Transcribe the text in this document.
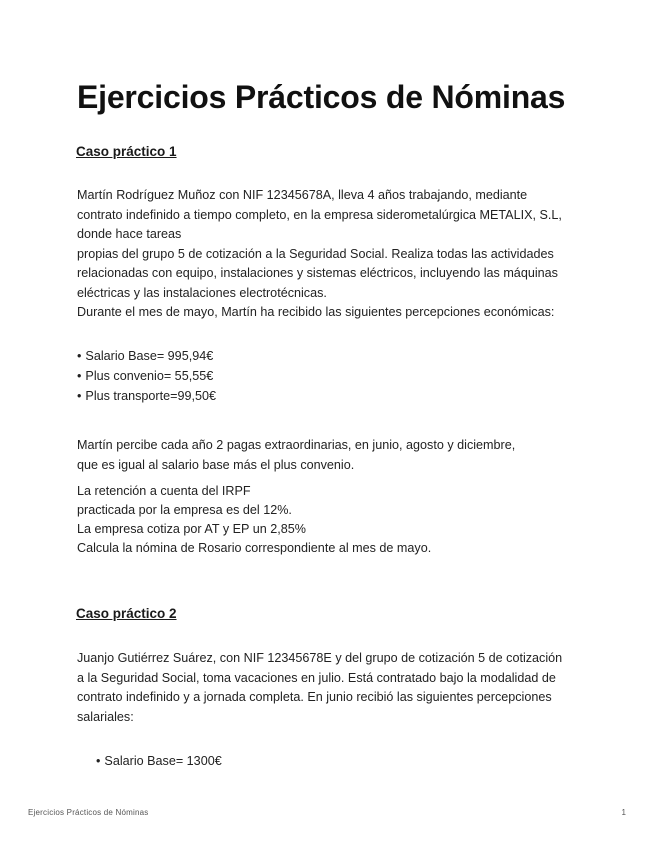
Ejercicios Prácticos de Nóminas
Caso práctico 1

Martín Rodríguez Muñoz con NIF 12345678A, lleva 4 años trabajando, mediante
contrato indefinido a tiempo completo, en la empresa siderometalúrgica METALIX, S.L,
donde hace tareas
propias del grupo 5 de cotización a la Seguridad Social. Realiza todas las actividades
relacionadas con equipo, instalaciones y sistemas eléctricos, incluyendo las máquinas
eléctricas y las instalaciones electrotécnicas.
Durante el mes de mayo, Martín ha recibido las siguientes percepciones económicas:

• Salario Base= 995,94€
• Plus convenio= 55,55€
• Plus transporte=99,50€

Martín percibe cada año 2 pagas extraordinarias, en junio, agosto y diciembre,
que es igual al salario base más el plus convenio.

La retención a cuenta del IRPF
practicada por la empresa es del 12%.
La empresa cotiza por AT y EP un 2,85%
Calcula la nómina de Rosario correspondiente al mes de mayo.

Caso práctico 2

Juanjo Gutiérrez Suárez, con NIF 12345678E y del grupo de cotización 5 de cotización
a la Seguridad Social, toma vacaciones en julio. Está contratado bajo la modalidad de
contrato indefinido y a jornada completa. En junio recibió las siguientes percepciones
salariales:

• Salario Base= 1300€
Ejercicios Prácticos de Nóminas	1
